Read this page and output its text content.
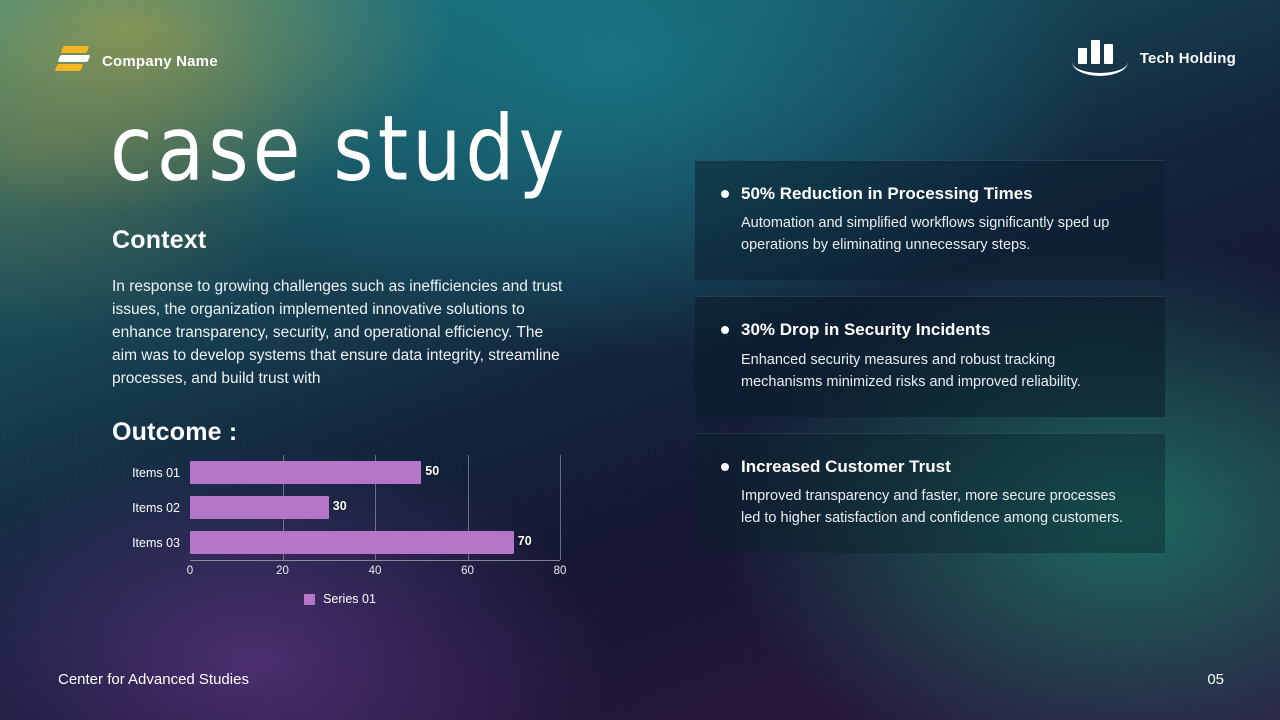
Company Name	Tech Holding
case study
Context
In response to growing challenges such as inefficiencies and trust issues, the organization implemented innovative solutions to enhance transparency, security, and operational efficiency. The aim was to develop systems that ensure data integrity, streamline processes, and build trust with
Outcome :
Items 01	50
Items 02	30
Items 03	70
0	20	40	60	80
Series 01
50% Reduction in Processing Times
Automation and simplified workflows significantly sped up operations by eliminating unnecessary steps.
30% Drop in Security Incidents
Enhanced security measures and robust tracking mechanisms minimized risks and improved reliability.
Increased Customer Trust
Improved transparency and faster, more secure processes led to higher satisfaction and confidence among customers.
Center for Advanced Studies	05
